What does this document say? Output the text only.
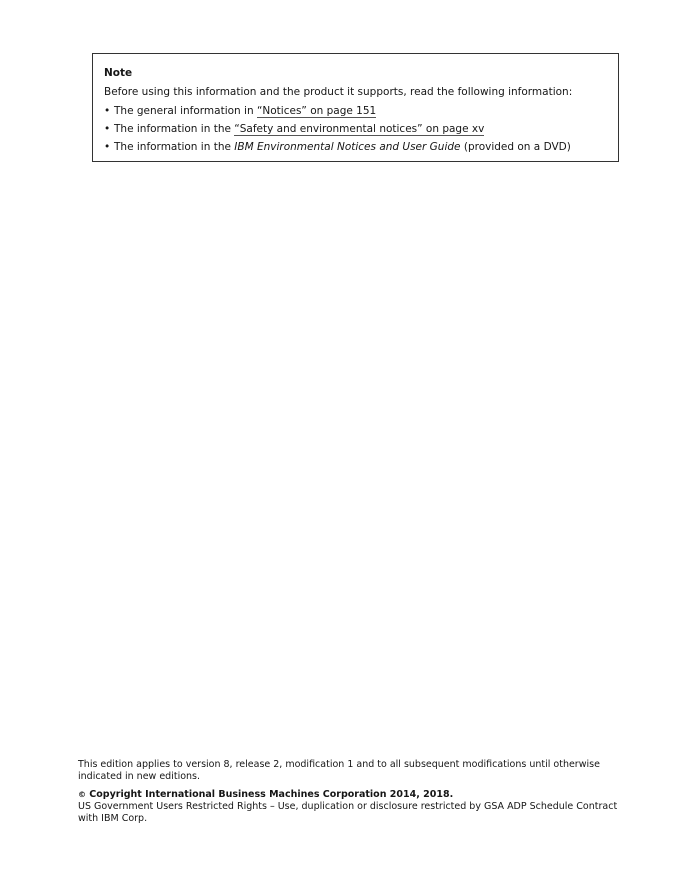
Note

Before using this information and the product it supports, read the following information:

• The general information in “Notices” on page 151
• The information in the “Safety and environmental notices” on page xv
• The information in the IBM Environmental Notices and User Guide (provided on a DVD)

This edition applies to version 8, release 2, modification 1 and to all subsequent modifications until otherwise indicated in new editions.

© Copyright International Business Machines Corporation 2014, 2018.

US Government Users Restricted Rights – Use, duplication or disclosure restricted by GSA ADP Schedule Contract with IBM Corp.
